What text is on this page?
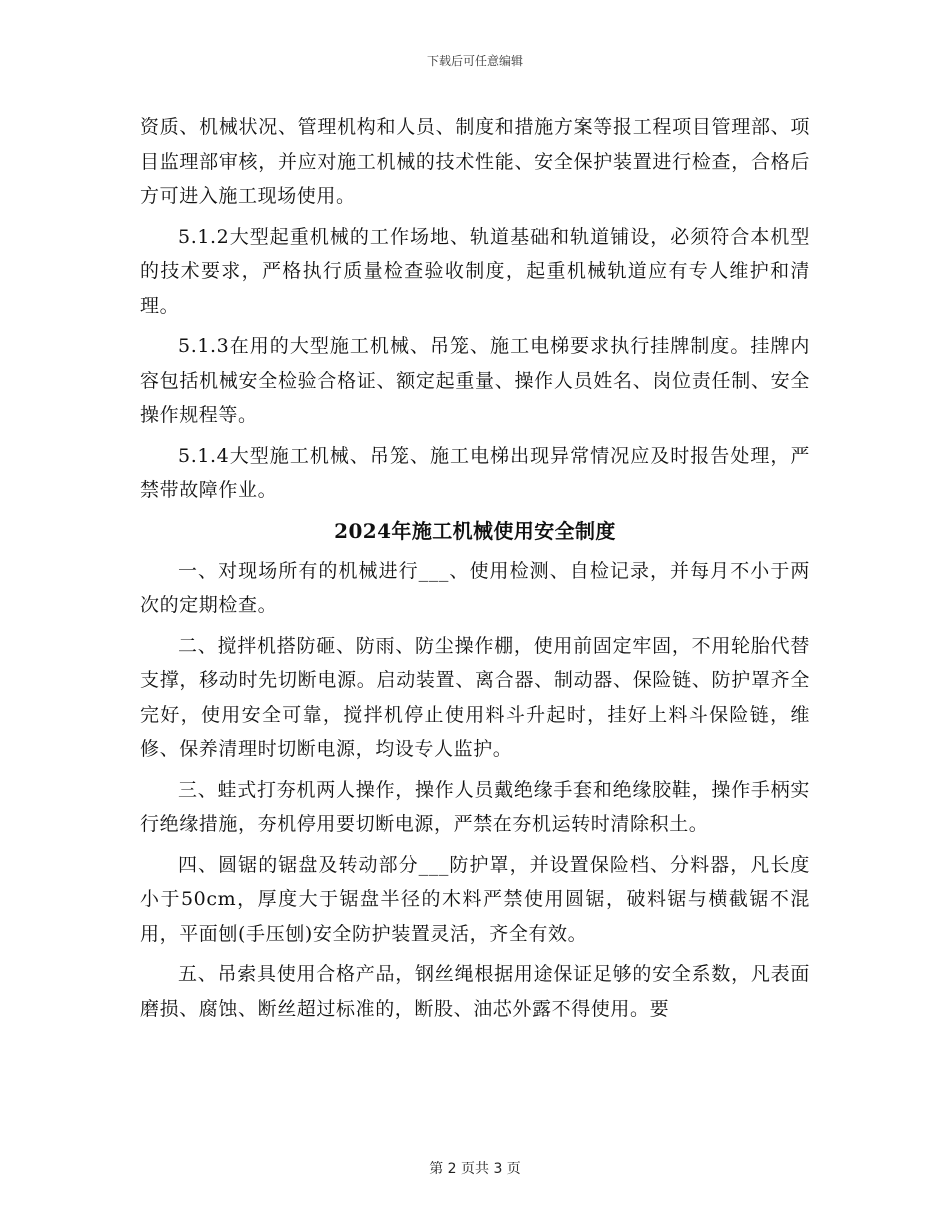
下载后可任意编辑

资质、机械状况、管理机构和人员、制度和措施方案等报工程项目管理部、项目监理部审核，并应对施工机械的技术性能、安全保护装置进行检查，合格后方可进入施工现场使用。

5.1.2大型起重机械的工作场地、轨道基础和轨道铺设，必须符合本机型的技术要求，严格执行质量检查验收制度，起重机械轨道应有专人维护和清理。

5.1.3在用的大型施工机械、吊笼、施工电梯要求执行挂牌制度。挂牌内容包括机械安全检验合格证、额定起重量、操作人员姓名、岗位责任制、安全操作规程等。

5.1.4大型施工机械、吊笼、施工电梯出现异常情况应及时报告处理，严禁带故障作业。

2024年施工机械使用安全制度

一、对现场所有的机械进行___、使用检测、自检记录，并每月不小于两次的定期检查。

二、搅拌机搭防砸、防雨、防尘操作棚，使用前固定牢固，不用轮胎代替支撑，移动时先切断电源。启动装置、离合器、制动器、保险链、防护罩齐全完好，使用安全可靠，搅拌机停止使用料斗升起时，挂好上料斗保险链，维修、保养清理时切断电源，均设专人监护。

三、蛙式打夯机两人操作，操作人员戴绝缘手套和绝缘胶鞋，操作手柄实行绝缘措施，夯机停用要切断电源，严禁在夯机运转时清除积土。

四、圆锯的锯盘及转动部分___防护罩，并设置保险档、分料器，凡长度小于50cm，厚度大于锯盘半径的木料严禁使用圆锯，破料锯与横截锯不混用，平面刨(手压刨)安全防护装置灵活，齐全有效。

五、吊索具使用合格产品，钢丝绳根据用途保证足够的安全系数，凡表面磨损、腐蚀、断丝超过标准的，断股、油芯外露不得使用。要

第 2 页共 3 页
